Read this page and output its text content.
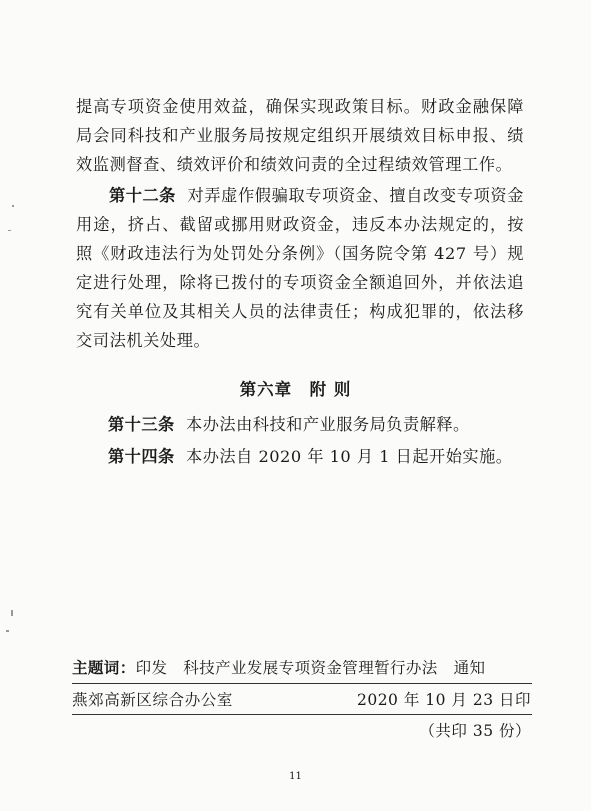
提高专项资金使用效益，确保实现政策目标。财政金融保障局会同科技和产业服务局按规定组织开展绩效目标申报、绩效监测督查、绩效评价和绩效问责的全过程绩效管理工作。
第十二条 对弄虚作假骗取专项资金、擅自改变专项资金用途，挤占、截留或挪用财政资金，违反本办法规定的，按照《财政违法行为处罚处分条例》（国务院令第 427 号）规定进行处理，除将已拨付的专项资金全额追回外，并依法追究有关单位及其相关人员的法律责任；构成犯罪的，依法移交司法机关处理。
第六章　附 则
第十三条 本办法由科技和产业服务局负责解释。
第十四条 本办法自 2020 年 10 月 1 日起开始实施。
主题词：印发　科技产业发展专项资金管理暂行办法　通知
燕郊高新区综合办公室	2020 年 10 月 23 日印
（共印 35 份）
11
